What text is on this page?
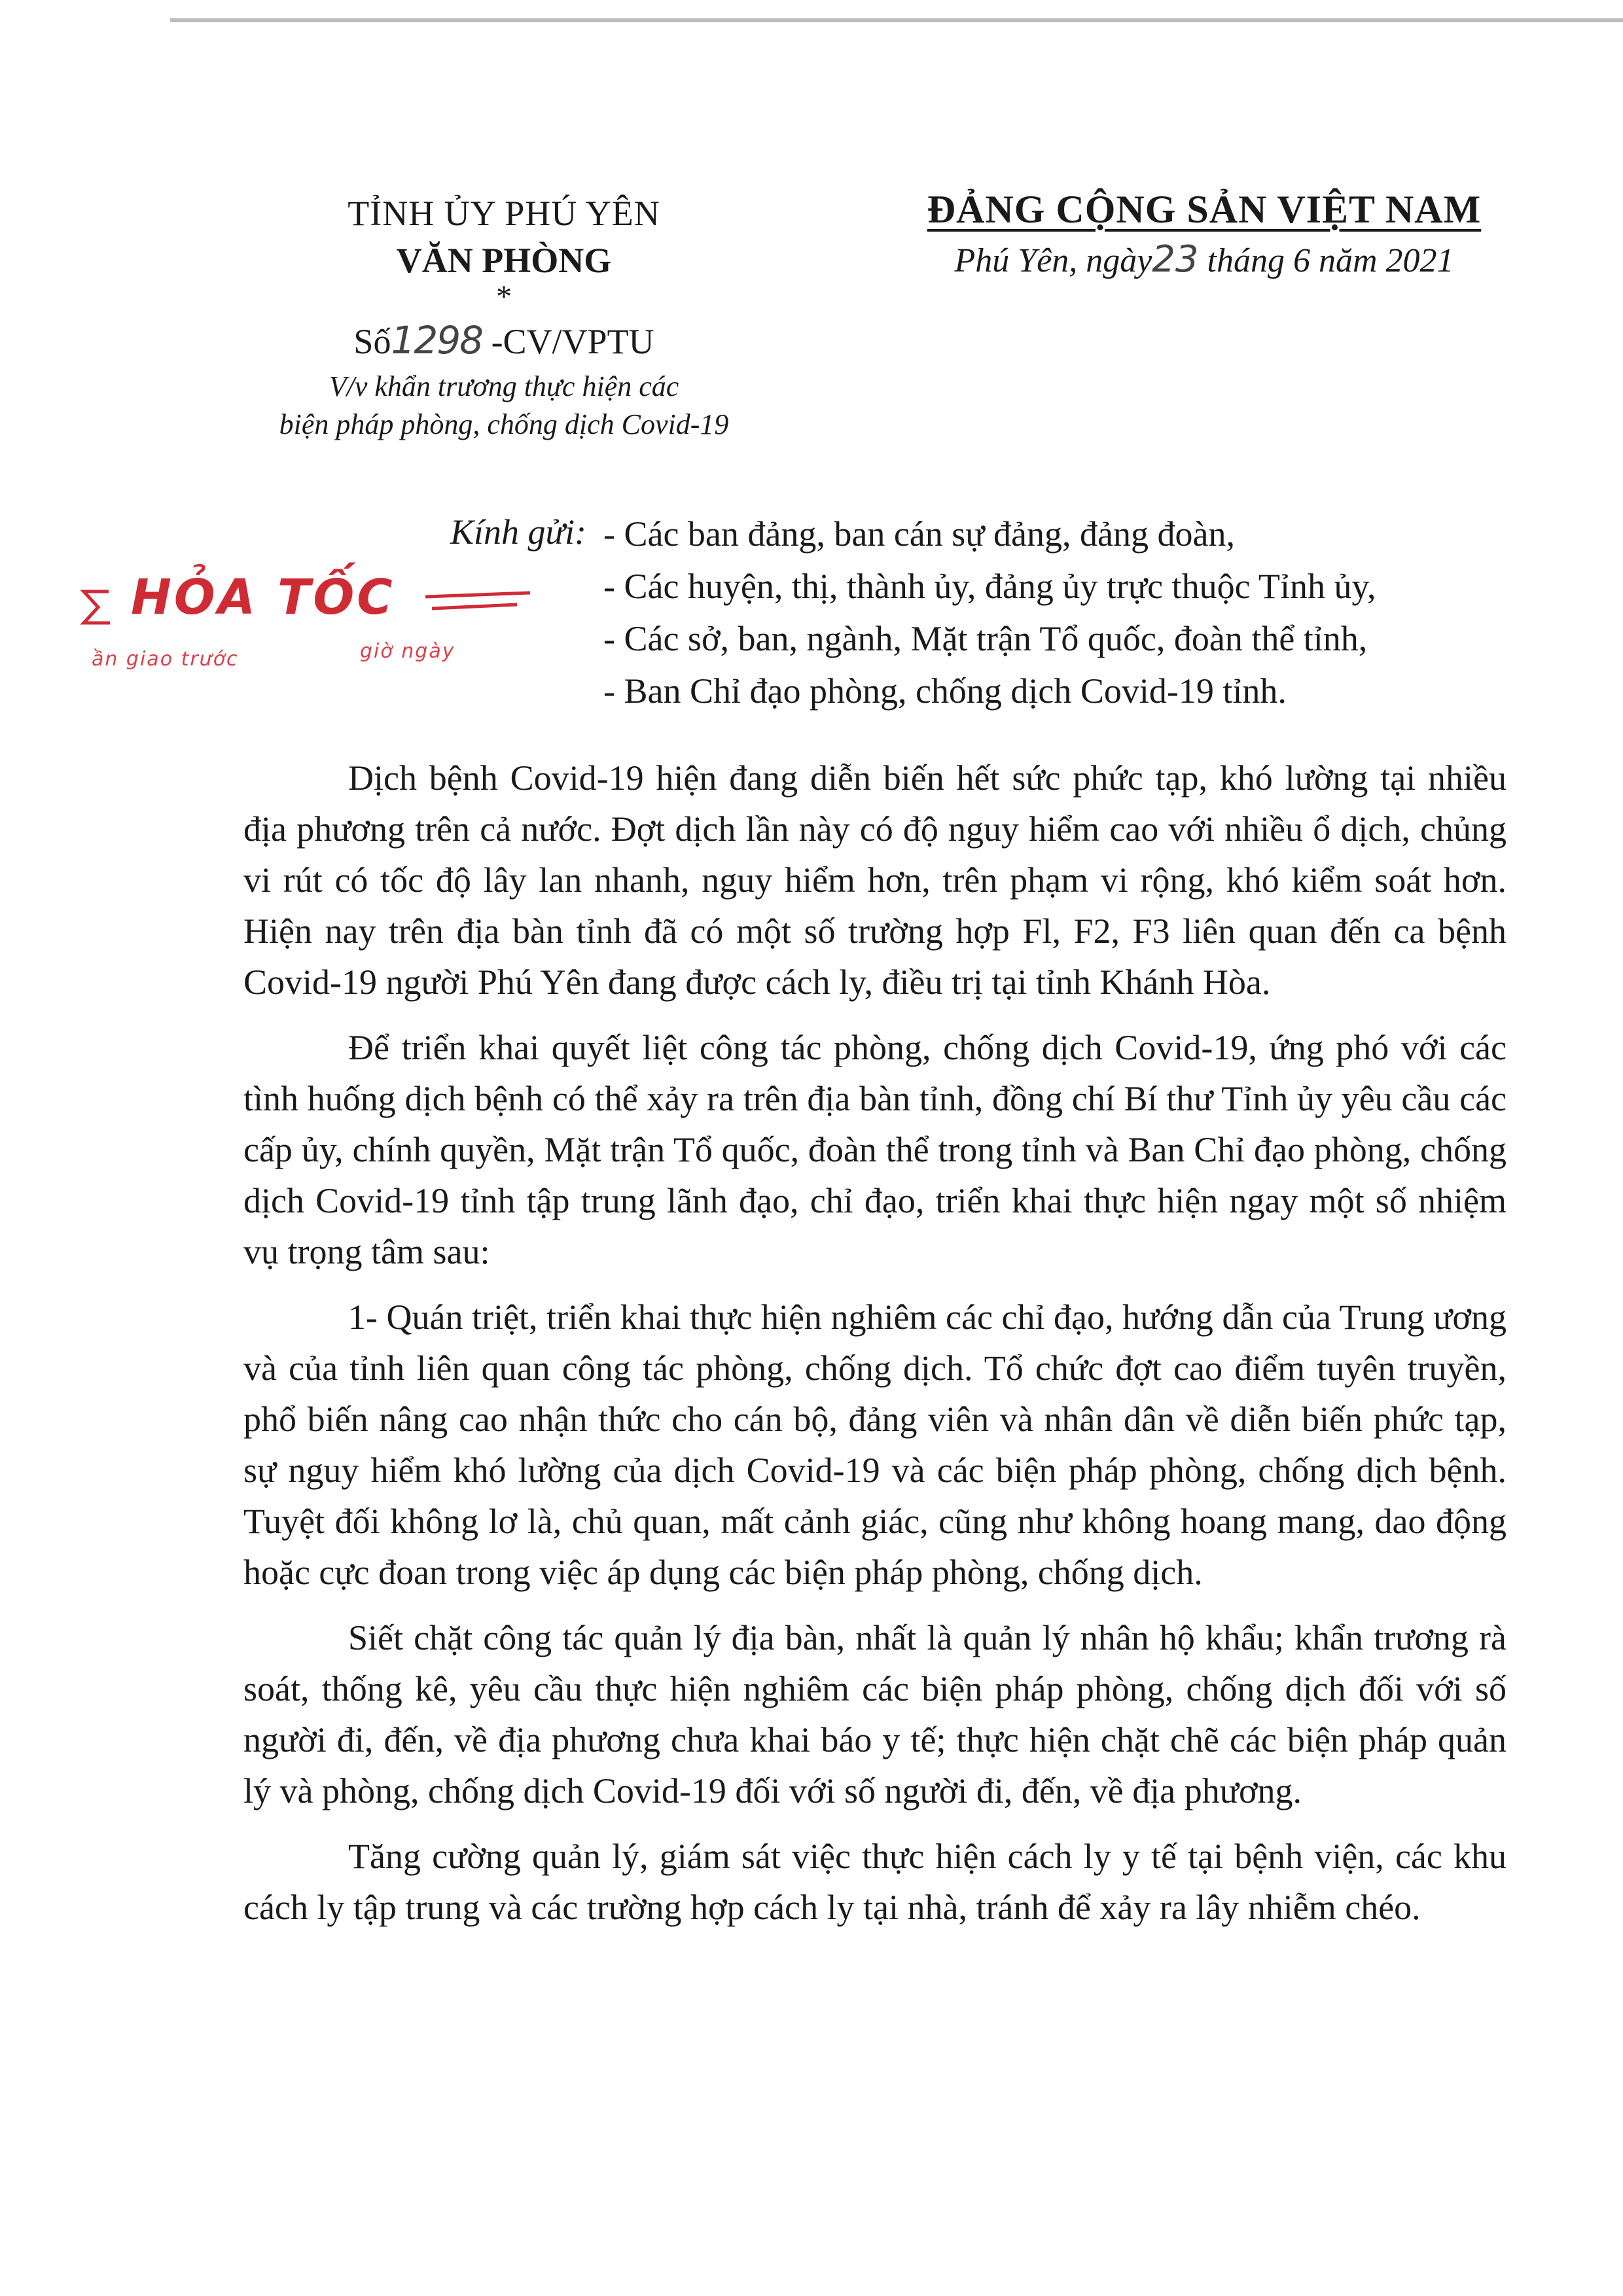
TỈNH ỦY PHÚ YÊN
VĂN PHÒNG
*
Số1298 -CV/VPTU
V/v khẩn trương thực hiện các
biện pháp phòng, chống dịch Covid-19
ĐẢNG CỘNG SẢN VIỆT NAM
Phú Yên, ngày23 tháng 6 năm 2021
HỎA TỐC
ần giao trước	giờ ngày
Kính gửi: - Các ban đảng, ban cán sự đảng, đảng đoàn,
- Các huyện, thị, thành ủy, đảng ủy trực thuộc Tỉnh ủy,
- Các sở, ban, ngành, Mặt trận Tổ quốc, đoàn thể tỉnh,
- Ban Chỉ đạo phòng, chống dịch Covid-19 tỉnh.

Dịch bệnh Covid-19 hiện đang diễn biến hết sức phức tạp, khó lường tại nhiều địa phương trên cả nước. Đợt dịch lần này có độ nguy hiểm cao với nhiều ổ dịch, chủng vi rút có tốc độ lây lan nhanh, nguy hiểm hơn, trên phạm vi rộng, khó kiểm soát hơn. Hiện nay trên địa bàn tỉnh đã có một số trường hợp Fl, F2, F3 liên quan đến ca bệnh Covid-19 người Phú Yên đang được cách ly, điều trị tại tỉnh Khánh Hòa.

Để triển khai quyết liệt công tác phòng, chống dịch Covid-19, ứng phó với các tình huống dịch bệnh có thể xảy ra trên địa bàn tỉnh, đồng chí Bí thư Tỉnh ủy yêu cầu các cấp ủy, chính quyền, Mặt trận Tổ quốc, đoàn thể trong tỉnh và Ban Chỉ đạo phòng, chống dịch Covid-19 tỉnh tập trung lãnh đạo, chỉ đạo, triển khai thực hiện ngay một số nhiệm vụ trọng tâm sau:

1- Quán triệt, triển khai thực hiện nghiêm các chỉ đạo, hướng dẫn của Trung ương và của tỉnh liên quan công tác phòng, chống dịch. Tổ chức đợt cao điểm tuyên truyền, phổ biến nâng cao nhận thức cho cán bộ, đảng viên và nhân dân về diễn biến phức tạp, sự nguy hiểm khó lường của dịch Covid-19 và các biện pháp phòng, chống dịch bệnh. Tuyệt đối không lơ là, chủ quan, mất cảnh giác, cũng như không hoang mang, dao động hoặc cực đoan trong việc áp dụng các biện pháp phòng, chống dịch.

Siết chặt công tác quản lý địa bàn, nhất là quản lý nhân hộ khẩu; khẩn trương rà soát, thống kê, yêu cầu thực hiện nghiêm các biện pháp phòng, chống dịch đối với số người đi, đến, về địa phương chưa khai báo y tế; thực hiện chặt chẽ các biện pháp quản lý và phòng, chống dịch Covid-19 đối với số người đi, đến, về địa phương.

Tăng cường quản lý, giám sát việc thực hiện cách ly y tế tại bệnh viện, các khu cách ly tập trung và các trường hợp cách ly tại nhà, tránh để xảy ra lây nhiễm chéo.
